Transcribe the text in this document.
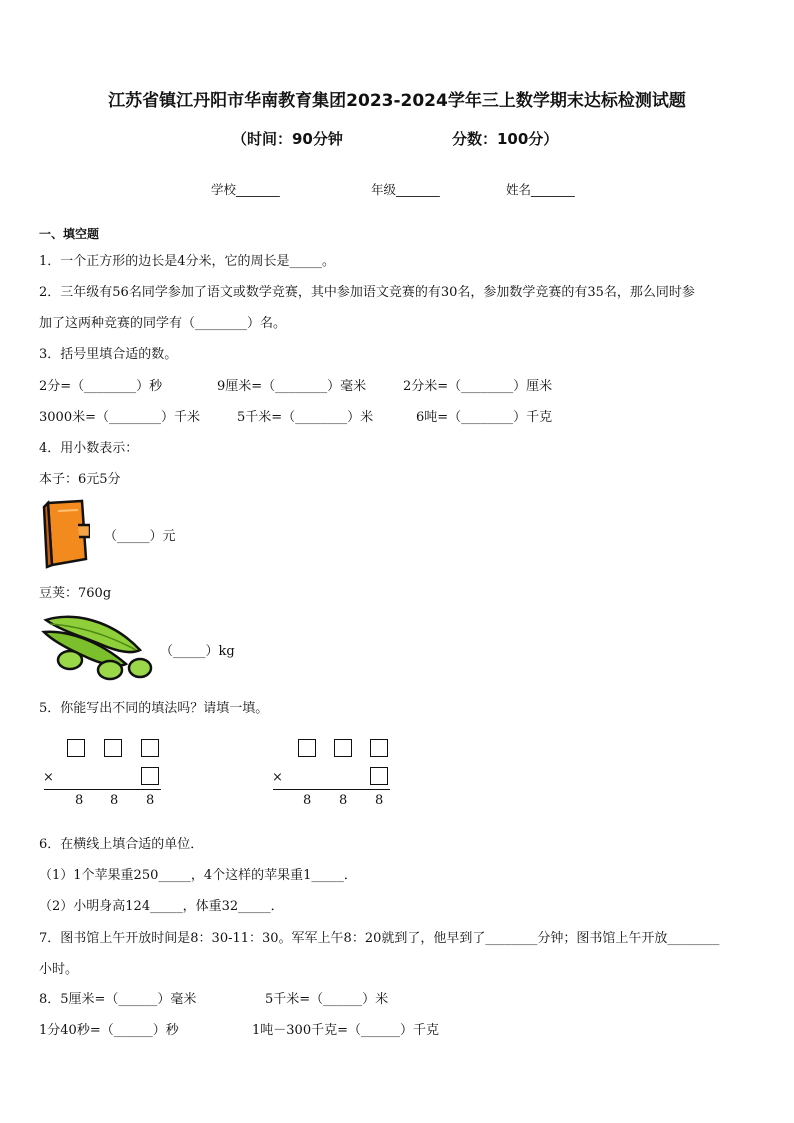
江苏省镇江丹阳市华南教育集团2023-2024学年三上数学期末达标检测试题
（时间：90分钟	分数：100分）
学校_______	年级_______	姓名_______
一、填空题
1．一个正方形的边长是4分米，它的周长是_____。
2．三年级有56名同学参加了语文或数学竞赛，其中参加语文竞赛的有30名，参加数学竞赛的有35名，那么同时参
加了这两种竞赛的同学有（________）名。
3．括号里填合适的数。
2分=（________）秒	9厘米=（________）毫米	2分米=（________）厘米
3000米=（________）千米	5千米=（________）米	6吨=（________）千克
4．用小数表示：
本子：6元5分
（_____）元
豆荚：760g
（_____）kg
5．你能写出不同的填法吗？请填一填。
×
8 8 8
×
8 8 8
6．在横线上填合适的单位．
（1）1个苹果重250_____，4个这样的苹果重1_____．
（2）小明身高124_____，体重32_____．
7．图书馆上午开放时间是8：30-11：30。军军上午8：20就到了，他早到了________分钟；图书馆上午开放________
小时。
8．5厘米=（______）毫米	5千米=（______）米
1分40秒=（______）秒	1吨－300千克=（______）千克
